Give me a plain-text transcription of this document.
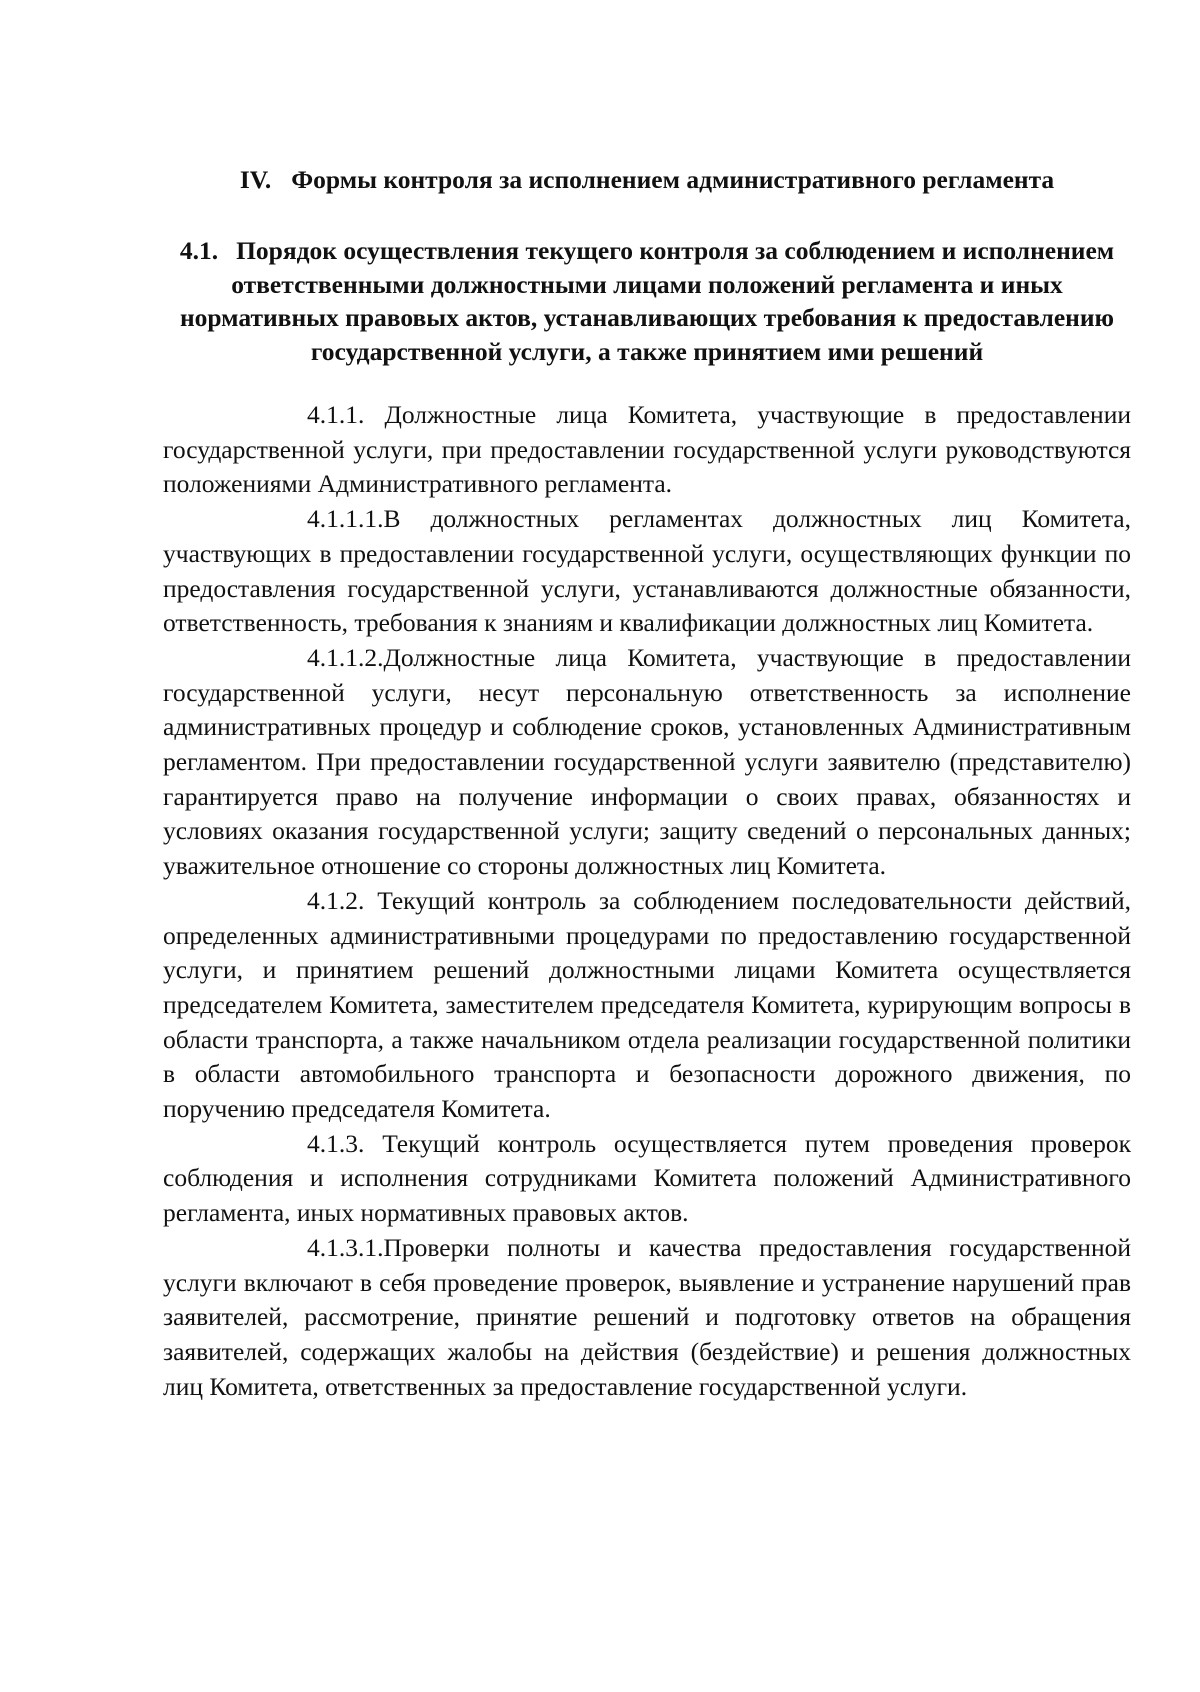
IV. Формы контроля за исполнением административного регламента
4.1. Порядок осуществления текущего контроля за соблюдением и исполнением ответственными должностными лицами положений регламента и иных нормативных правовых актов, устанавливающих требования к предоставлению государственной услуги, а также принятием ими решений

4.1.1. Должностные лица Комитета, участвующие в предоставлении государственной услуги, при предоставлении государственной услуги руководствуются положениями Административного регламента.

4.1.1.1.В должностных регламентах должностных лиц Комитета, участвующих в предоставлении государственной услуги, осуществляющих функции по предоставления государственной услуги, устанавливаются должностные обязанности, ответственность, требования к знаниям и квалификации должностных лиц Комитета.

4.1.1.2.Должностные лица Комитета, участвующие в предоставлении государственной услуги, несут персональную ответственность за исполнение административных процедур и соблюдение сроков, установленных Административным регламентом. При предоставлении государственной услуги заявителю (представителю) гарантируется право на получение информации о своих правах, обязанностях и условиях оказания государственной услуги; защиту сведений о персональных данных; уважительное отношение со стороны должностных лиц Комитета.

4.1.2. Текущий контроль за соблюдением последовательности действий, определенных административными процедурами по предоставлению государственной услуги, и принятием решений должностными лицами Комитета осуществляется председателем Комитета, заместителем председателя Комитета, курирующим вопросы в области транспорта, а также начальником отдела реализации государственной политики в области автомобильного транспорта и безопасности дорожного движения, по поручению председателя Комитета.

4.1.3. Текущий контроль осуществляется путем проведения проверок соблюдения и исполнения сотрудниками Комитета положений Административного регламента, иных нормативных правовых актов.

4.1.3.1.Проверки полноты и качества предоставления государственной услуги включают в себя проведение проверок, выявление и устранение нарушений прав заявителей, рассмотрение, принятие решений и подготовку ответов на обращения заявителей, содержащих жалобы на действия (бездействие) и решения должностных лиц Комитета, ответственных за предоставление государственной услуги.
